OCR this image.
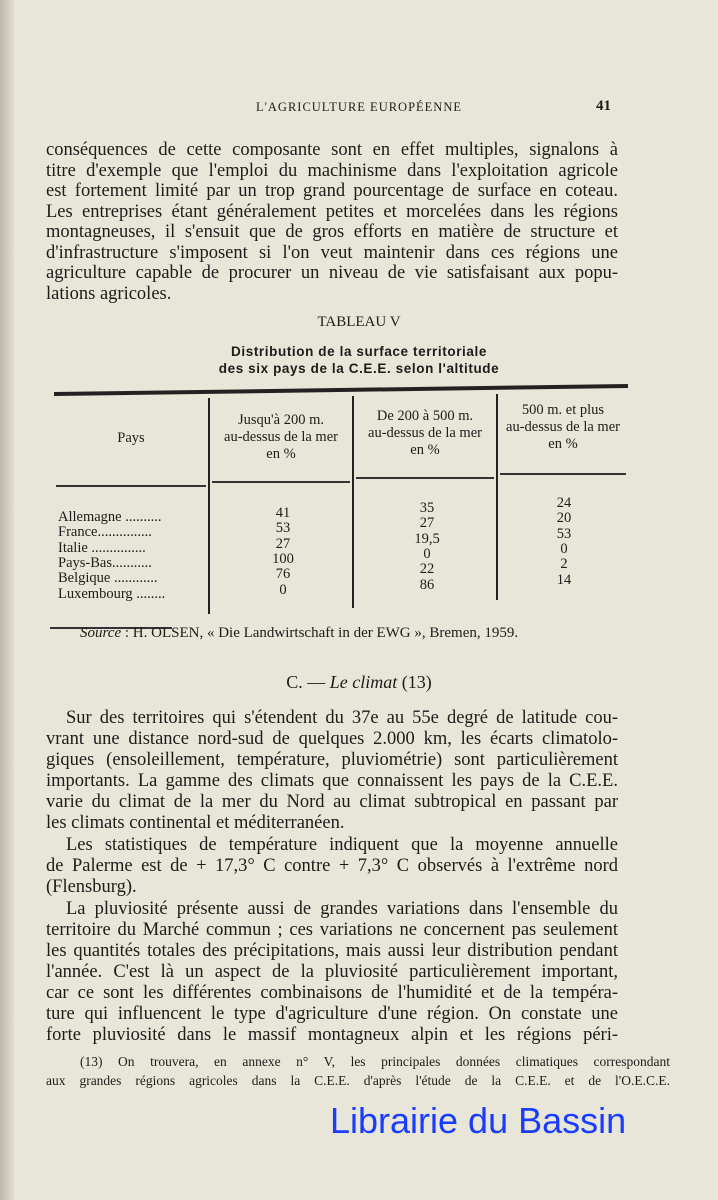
L'AGRICULTURE EUROPÉENNE	41
conséquences de cette composante sont en effet multiples, signalons à
titre d'exemple que l'emploi du machinisme dans l'exploitation agricole
est fortement limité par un trop grand pourcentage de surface en coteau.
Les entreprises étant généralement petites et morcelées dans les régions
montagneuses, il s'ensuit que de gros efforts en matière de structure et
d'infrastructure s'imposent si l'on veut maintenir dans ces régions une
agriculture capable de procurer un niveau de vie satisfaisant aux popu-
lations agricoles.
TABLEAU V
Distribution de la surface territoriale
des six pays de la C.E.E. selon l'altitude
Pays
Jusqu'à 200 m.
au-dessus de la mer
en %
De 200 à 500 m.
au-dessus de la mer
en %
500 m. et plus
au-dessus de la mer
en %
Allemagne ..........	41	35	24
France...............	53	27	20
Italie ...............	27	19,5	53
Pays-Bas...........	100	0	0
Belgique ............	76	22	2
Luxembourg ........	0	86	14
Source : H. OLSEN, « Die Landwirtschaft in der EWG », Bremen, 1959.
C. — Le climat (13)
Sur des territoires qui s'étendent du 37e au 55e degré de latitude cou-
vrant une distance nord-sud de quelques 2.000 km, les écarts climatolo-
giques (ensoleillement, température, pluviométrie) sont particulièrement
importants. La gamme des climats que connaissent les pays de la C.E.E.
varie du climat de la mer du Nord au climat subtropical en passant par
les climats continental et méditerranéen.
Les statistiques de température indiquent que la moyenne annuelle
de Palerme est de + 17,3° C contre + 7,3° C observés à l'extrême nord
(Flensburg).
La pluviosité présente aussi de grandes variations dans l'ensemble du
territoire du Marché commun ; ces variations ne concernent pas seulement
les quantités totales des précipitations, mais aussi leur distribution pendant
l'année. C'est là un aspect de la pluviosité particulièrement important,
car ce sont les différentes combinaisons de l'humidité et de la tempéra-
ture qui influencent le type d'agriculture d'une région. On constate une
forte pluviosité dans le massif montagneux alpin et les régions péri-
(13) On trouvera, en annexe n° V, les principales données climatiques correspondant
aux grandes régions agricoles dans la C.E.E. d'après l'étude de la C.E.E. et de l'O.E.C.E.
Librairie du Bassin
